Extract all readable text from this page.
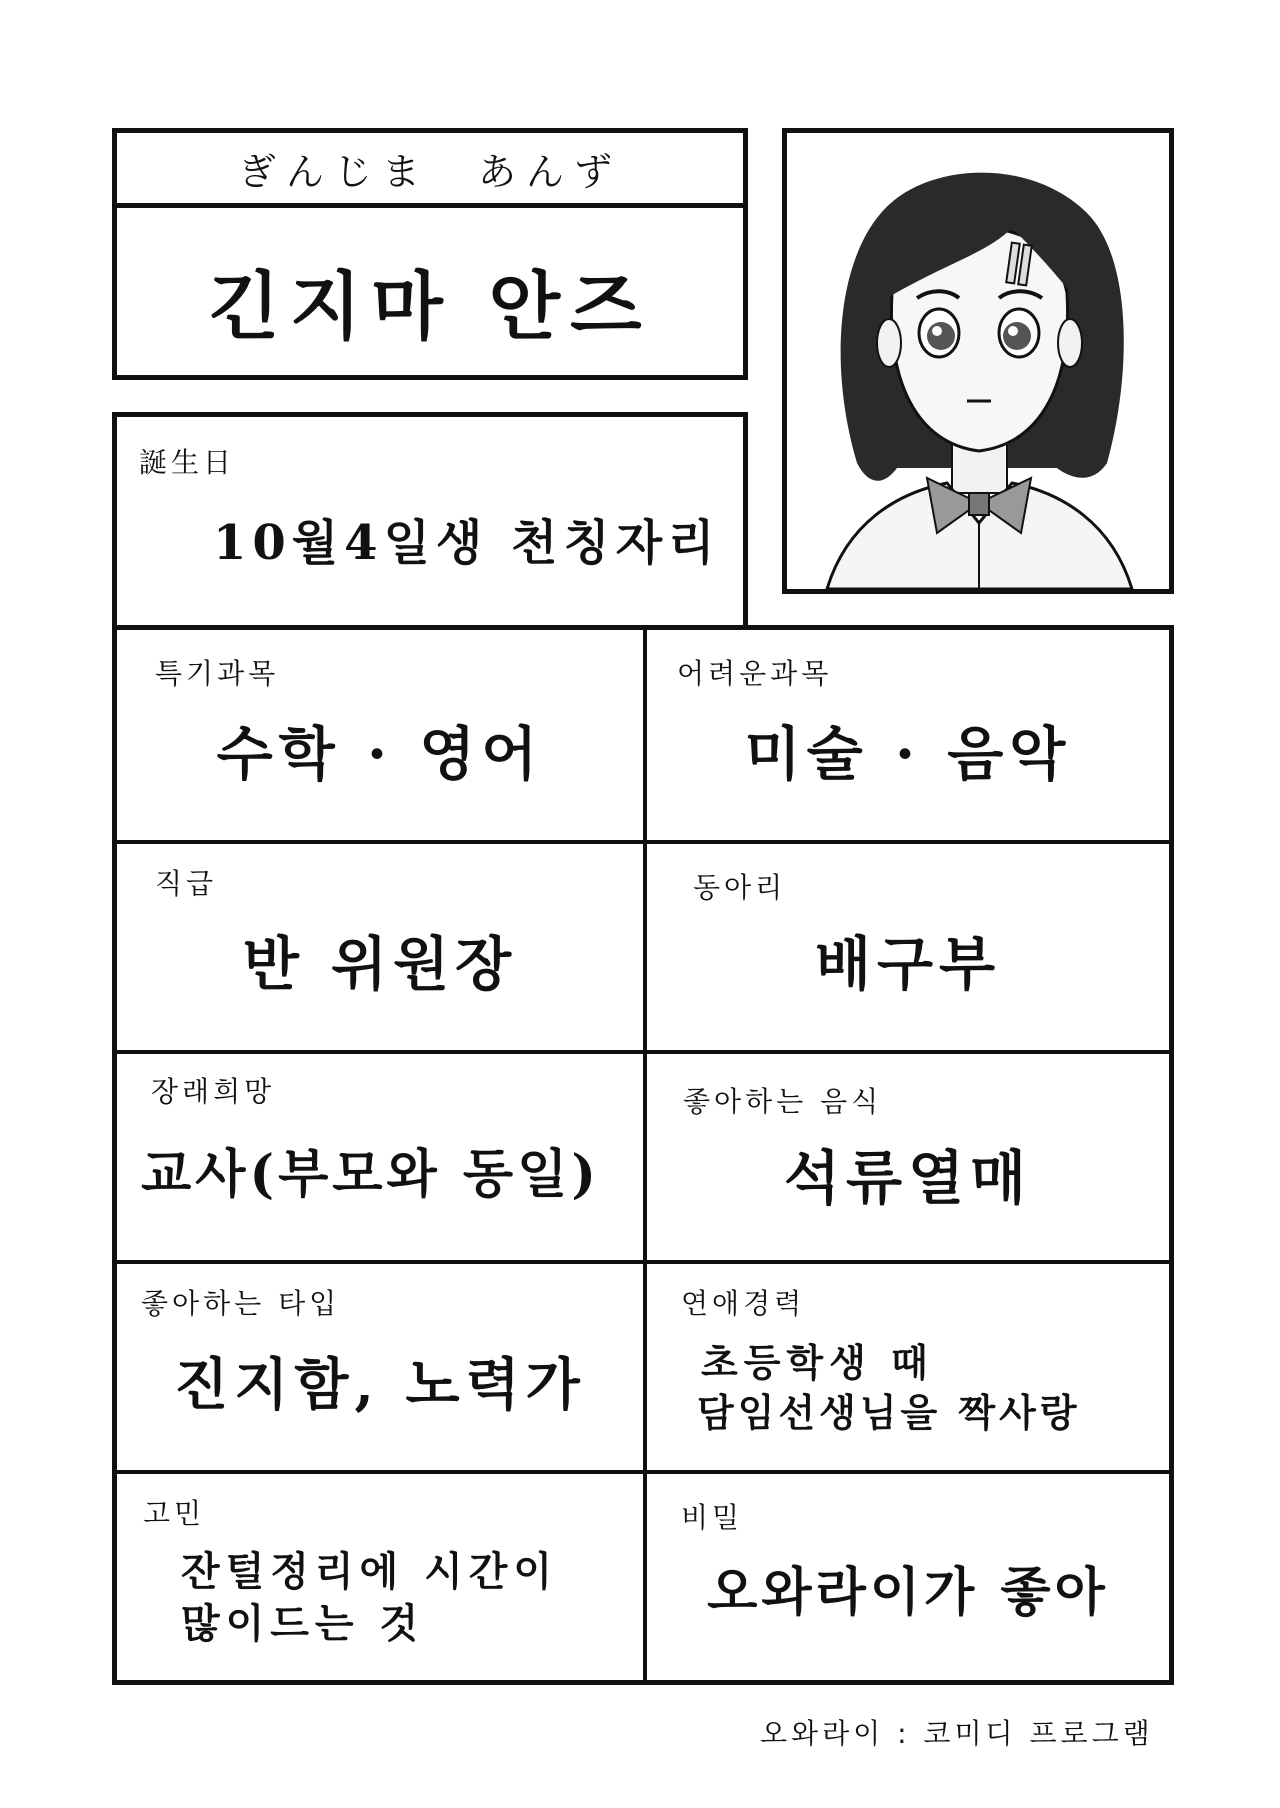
ぎんじま　あんず
긴지마 안즈
誕生日
10월4일생 천칭자리
특기과목
수학 · 영어
어려운과목
미술 · 음악
직급
반 위원장
동아리
배구부
장래희망
교사(부모와 동일)
좋아하는 음식
석류열매
좋아하는 타입
진지함, 노력가
연애경력
초등학생 때
담임선생님을 짝사랑
고민
잔털정리에 시간이
많이드는 것
비밀
오와라이가 좋아
오와라이 : 코미디 프로그램
